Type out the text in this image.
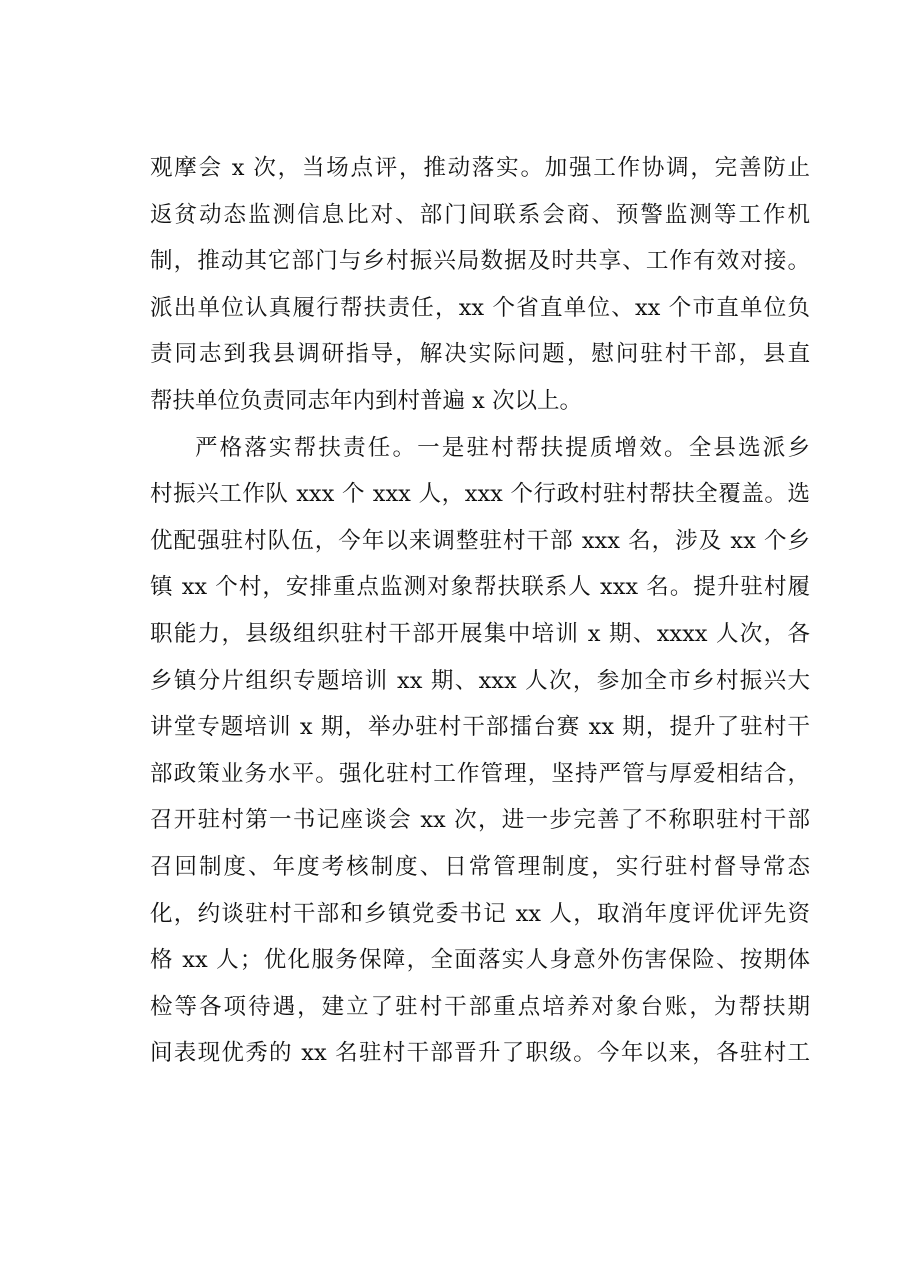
观摩会 x 次，当场点评，推动落实。加强工作协调，完善防止
返贫动态监测信息比对、部门间联系会商、预警监测等工作机
制，推动其它部门与乡村振兴局数据及时共享、工作有效对接。
派出单位认真履行帮扶责任，xx 个省直单位、xx 个市直单位负
责同志到我县调研指导，解决实际问题，慰问驻村干部，县直
帮扶单位负责同志年内到村普遍 x 次以上。
严格落实帮扶责任。一是驻村帮扶提质增效。全县选派乡
村振兴工作队 xxx 个 xxx 人，xxx 个行政村驻村帮扶全覆盖。选
优配强驻村队伍，今年以来调整驻村干部 xxx 名，涉及 xx 个乡
镇 xx 个村，安排重点监测对象帮扶联系人 xxx 名。提升驻村履
职能力，县级组织驻村干部开展集中培训 x 期、xxxx 人次，各
乡镇分片组织专题培训 xx 期、xxx 人次，参加全市乡村振兴大
讲堂专题培训 x 期，举办驻村干部擂台赛 xx 期，提升了驻村干
部政策业务水平。强化驻村工作管理，坚持严管与厚爱相结合，
召开驻村第一书记座谈会 xx 次，进一步完善了不称职驻村干部
召回制度、年度考核制度、日常管理制度，实行驻村督导常态
化，约谈驻村干部和乡镇党委书记 xx 人，取消年度评优评先资
格 xx 人；优化服务保障，全面落实人身意外伤害保险、按期体
检等各项待遇，建立了驻村干部重点培养对象台账，为帮扶期
间表现优秀的 xx 名驻村干部晋升了职级。今年以来，各驻村工
